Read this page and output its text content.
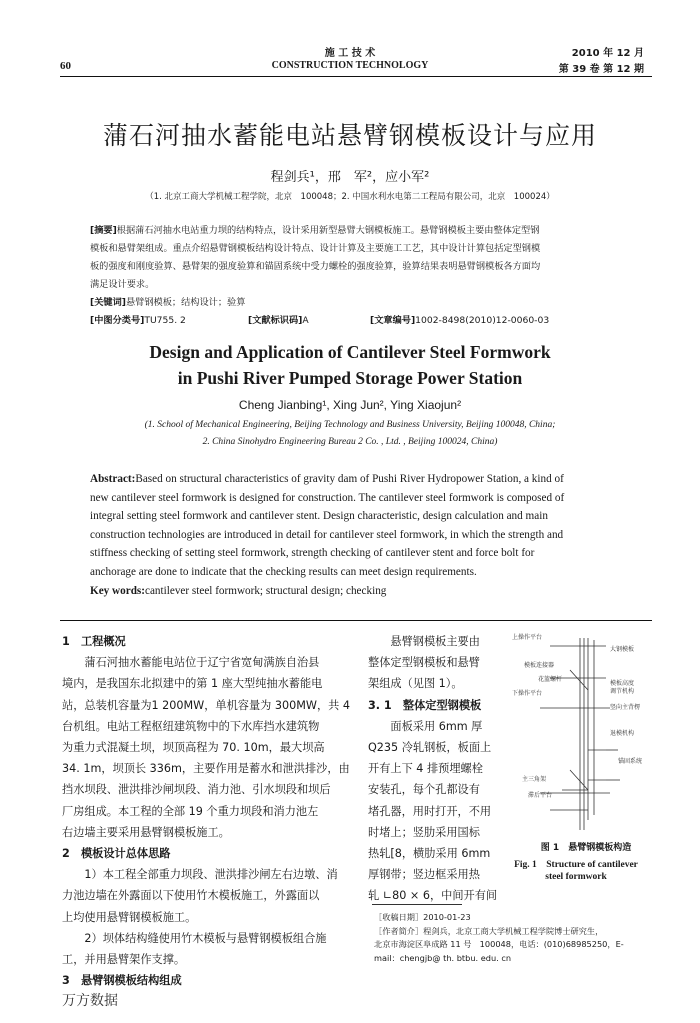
60
施 工 技 术
CONSTRUCTION TECHNOLOGY
2010 年 12 月
第 39 卷 第 12 期
蒲石河抽水蓄能电站悬臂钢模板设计与应用
程剑兵¹，邢　军²，应小军²
（1. 北京工商大学机械工程学院，北京　100048；2. 中国水利水电第二工程局有限公司，北京　100024）
[摘要]根据蒲石河抽水电站重力坝的结构特点，设计采用新型悬臂大钢模板施工。悬臂钢模板主要由整体定型钢
模板和悬臂架组成。重点介绍悬臂钢模板结构设计特点、设计计算及主要施工工艺，其中设计计算包括定型钢模
板的强度和刚度验算、悬臂架的强度验算和锚固系统中受力螺栓的强度验算，验算结果表明悬臂钢模板各方面均
满足设计要求。
[关键词]悬臂钢模板；结构设计；验算
[中图分类号]TU755. 2	[文献标识码]A	[文章编号]1002-8498(2010)12-0060-03
Design and Application of Cantilever Steel Formwork
in Pushi River Pumped Storage Power Station
Cheng Jianbing¹, Xing Jun², Ying Xiaojun²
(1. School of Mechanical Engineering, Beijing Technology and Business University, Beijing 100048, China;
2. China Sinohydro Engineering Bureau 2 Co. , Ltd. , Beijing 100024, China)
Abstract:Based on structural characteristics of gravity dam of Pushi River Hydropower Station, a kind of
new cantilever steel formwork is designed for construction. The cantilever steel formwork is composed of
integral setting steel formwork and cantilever stent. Design characteristic, design calculation and main
construction technologies are introduced in detail for cantilever steel formwork, in which the strength and
stiffness checking of setting steel formwork, strength checking of cantilever stent and force bolt for
anchorage are done to indicate that the checking results can meet design requirements.
Key words:cantilever steel formwork; structural design; checking
1　工程概况
蒲石河抽水蓄能电站位于辽宁省宽甸满族自治县
境内，是我国东北拟建中的第 1 座大型纯抽水蓄能电
站，总装机容量为1 200MW，单机容量为 300MW，共 4
台机组。电站工程枢纽建筑物中的下水库挡水建筑物
为重力式混凝土坝，坝顶高程为 70. 10m，最大坝高
34. 1m，坝顶长 336m，主要作用是蓄水和泄洪排沙，由
挡水坝段、泄洪排沙闸坝段、消力池、引水坝段和坝后
厂房组成。本工程的全部 19 个重力坝段和消力池左
右边墙主要采用悬臂钢模板施工。
2　模板设计总体思路
1）本工程全部重力坝段、泄洪排沙闸左右边墩、消
力池边墙在外露面以下使用竹木模板施工，外露面以
上均使用悬臂钢模板施工。
2）坝体结构缝使用竹木模板与悬臂钢模板组合施
工，并用悬臂架作支撑。
3　悬臂钢模板结构组成
悬臂钢模板主要由
整体定型钢模板和悬臂
架组成（见图 1）。
3. 1　整体定型钢模板
面板采用 6mm 厚
Q235 冷轧钢板，板面上
开有上下 4 排预埋螺栓
安装孔，每个孔都设有
堵孔器，用时打开，不用
时堵上；竖肋采用国标
热轧[8，横肋采用 6mm
厚钢带；竖边框采用热
轧 ∟80 × 6，中间开有间
上操作平台
大钢模板
模板连接器
花篮螺杆
下操作平台
模板高度
调节机构
竖向主背楞
退模机构
锚固系统
主三角架
滞后平台
图 1　悬臂钢模板构造
Fig. 1　Structure of cantilever
steel formwork
［收稿日期］2010-01-23
［作者简介］程剑兵，北京工商大学机械工程学院博士研究生，
北京市海淀区阜成路 11 号　100048，电话：(010)68985250，E-
mail：chengjb@ th. btbu. edu. cn
万方数据
